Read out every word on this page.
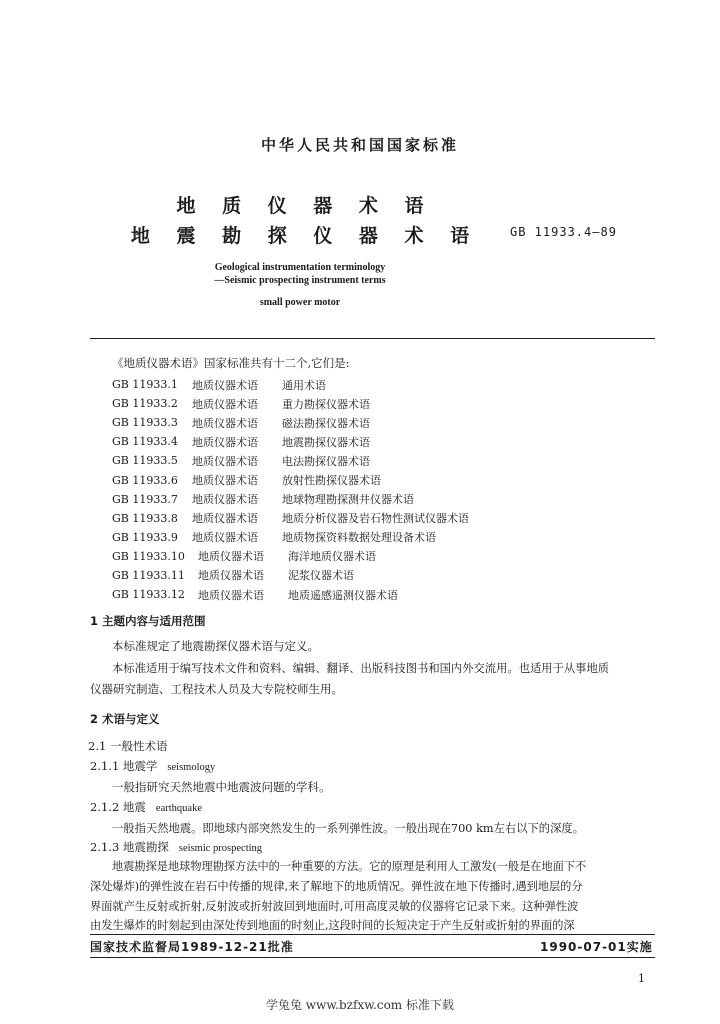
中华人民共和国国家标准
地 质 仪 器 术 语
地 震 勘 探 仪 器 术 语	GB 11933.4—89
Geological instrumentation terminology
—Seismic prospecting instrument terms
small power motor
《地质仪器术语》国家标准共有十二个,它们是:
GB 11933.1	地质仪器术语	通用术语
GB 11933.2	地质仪器术语	重力勘探仪器术语
GB 11933.3	地质仪器术语	磁法勘探仪器术语
GB 11933.4	地质仪器术语	地震勘探仪器术语
GB 11933.5	地质仪器术语	电法勘探仪器术语
GB 11933.6	地质仪器术语	放射性勘探仪器术语
GB 11933.7	地质仪器术语	地球物理勘探测井仪器术语
GB 11933.8	地质仪器术语	地质分析仪器及岩石物性测试仪器术语
GB 11933.9	地质仪器术语	地质物探资料数据处理设备术语
GB 11933.10	地质仪器术语	海洋地质仪器术语
GB 11933.11	地质仪器术语	泥浆仪器术语
GB 11933.12	地质仪器术语	地质遥感遥测仪器术语
1 主题内容与适用范围
本标准规定了地震勘探仪器术语与定义。
本标准适用于编写技术文件和资料、编辑、翻译、出版科技图书和国内外交流用。也适用于从事地质
仪器研究制造、工程技术人员及大专院校师生用。
2 术语与定义
2.1 一般性术语
2.1.1 地震学 seismology
一般指研究天然地震中地震波问题的学科。
2.1.2 地震 earthquake
一般指天然地震。即地球内部突然发生的一系列弹性波。一般出现在700 km左右以下的深度。
2.1.3 地震勘探 seismic prospecting
地震勘探是地球物理勘探方法中的一种重要的方法。它的原理是利用人工激发(一般是在地面下不
深处爆炸)的弹性波在岩石中传播的规律,来了解地下的地质情况。弹性波在地下传播时,遇到地层的分
界面就产生反射或折射,反射波或折射波回到地面时,可用高度灵敏的仪器将它记录下来。这种弹性波
由发生爆炸的时刻起到由深处传到地面的时刻止,这段时间的长短决定于产生反射或折射的界面的深
国家技术监督局1989-12-21批准	1990-07-01实施
1
学兔兔 www.bzfxw.com 标准下载
